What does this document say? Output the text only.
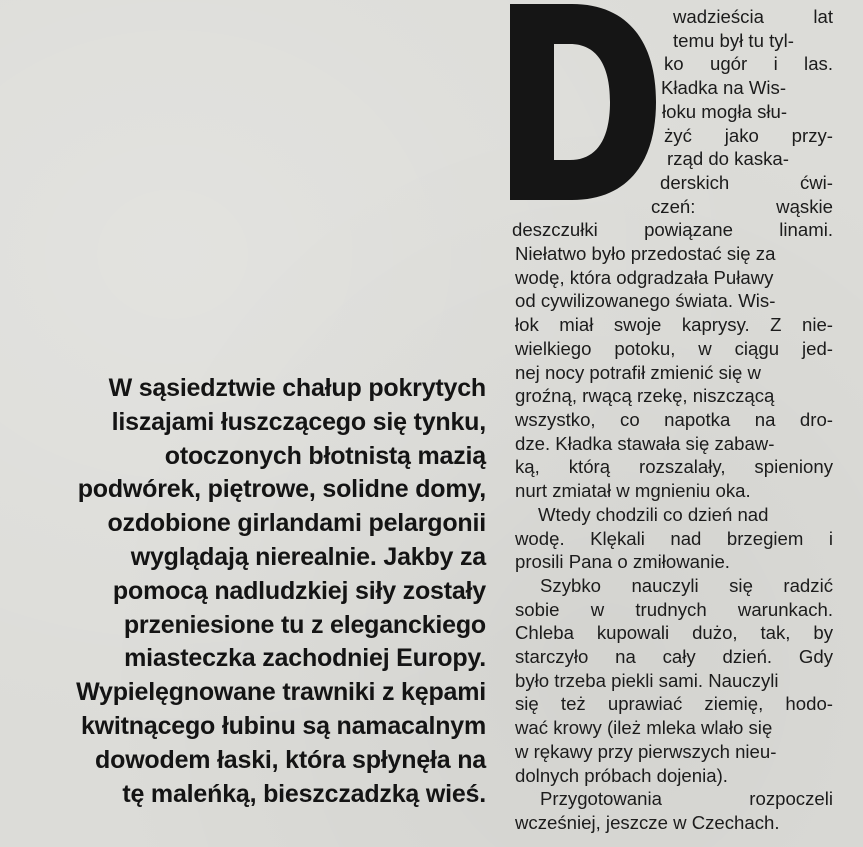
W sąsiedztwie chałup pokrytych
liszajami łuszczącego się tynku,
otoczonych błotnistą mazią
podwórek, piętrowe, solidne domy,
ozdobione girlandami pelargonii
wyglądają nierealnie. Jakby za
pomocą nadludzkiej siły zostały
przeniesione tu z eleganckiego
miasteczka zachodniej Europy.
Wypielęgnowane trawniki z kępami
kwitnącego łubinu są namacalnym
dowodem łaski, która spłynęła na
tę maleńką, bieszczadzką wieś.
wadzieścia lat
temu był tu tyl-
ko ugór i las.
Kładka na Wis-
łoku mogła słu-
żyć jako przy-
rząd do kaska-
derskich ćwi-
czeń: wąskie
deszczułki powiązane linami.
Niełatwo było przedostać się za
wodę, która odgradzała Puławy
od cywilizowanego świata. Wis-
łok miał swoje kaprysy. Z nie-
wielkiego potoku, w ciągu jed-
nej nocy potrafił zmienić się w
groźną, rwącą rzekę, niszczącą
wszystko, co napotka na dro-
dze. Kładka stawała się zabaw-
ką, którą rozszalały, spieniony
nurt zmiatał w mgnieniu oka.
Wtedy chodzili co dzień nad
wodę. Klękali nad brzegiem i
prosili Pana o zmiłowanie.
Szybko nauczyli się radzić
sobie w trudnych warunkach.
Chleba kupowali dużo, tak, by
starczyło na cały dzień. Gdy
było trzeba piekli sami. Nauczyli
się też uprawiać ziemię, hodo-
wać krowy (ileż mleka wlało się
w rękawy przy pierwszych nieu-
dolnych próbach dojenia).
Przygotowania rozpoczeli
wcześniej, jeszcze w Czechach.
